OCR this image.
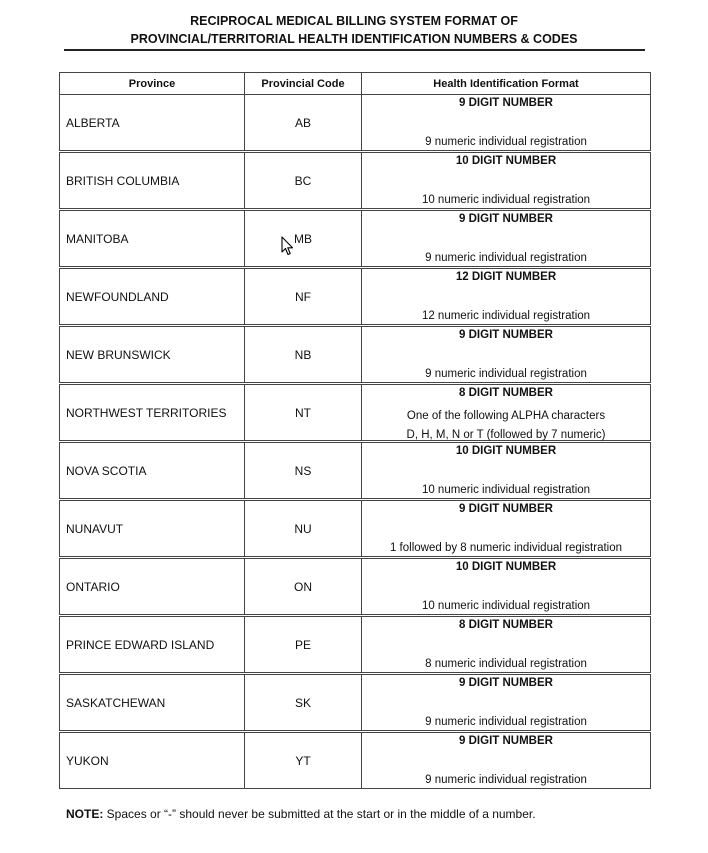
RECIPROCAL MEDICAL BILLING SYSTEM FORMAT OF
PROVINCIAL/TERRITORIAL HEALTH IDENTIFICATION NUMBERS & CODES
Province	Provincial Code	Health Identification Format
ALBERTA	AB	9 DIGIT NUMBER
9 numeric individual registration

BRITISH COLUMBIA	BC	10 DIGIT NUMBER
10 numeric individual registration

MANITOBA	MB	9 DIGIT NUMBER
9 numeric individual registration

NEWFOUNDLAND	NF	12 DIGIT NUMBER
12 numeric individual registration

NEW BRUNSWICK	NB	9 DIGIT NUMBER
9 numeric individual registration

NORTHWEST TERRITORIES	NT	8 DIGIT NUMBER
One of the following ALPHA characters
D, H, M, N or T (followed by 7 numeric)

NOVA SCOTIA	NS	10 DIGIT NUMBER
10 numeric individual registration

NUNAVUT	NU	9 DIGIT NUMBER
1 followed by 8 numeric individual registration

ONTARIO	ON	10 DIGIT NUMBER
10 numeric individual registration

PRINCE EDWARD ISLAND	PE	8 DIGIT NUMBER
8 numeric individual registration

SASKATCHEWAN	SK	9 DIGIT NUMBER
9 numeric individual registration

YUKON	YT	9 DIGIT NUMBER
9 numeric individual registration
NOTE: Spaces or “-” should never be submitted at the start or in the middle of a number.
